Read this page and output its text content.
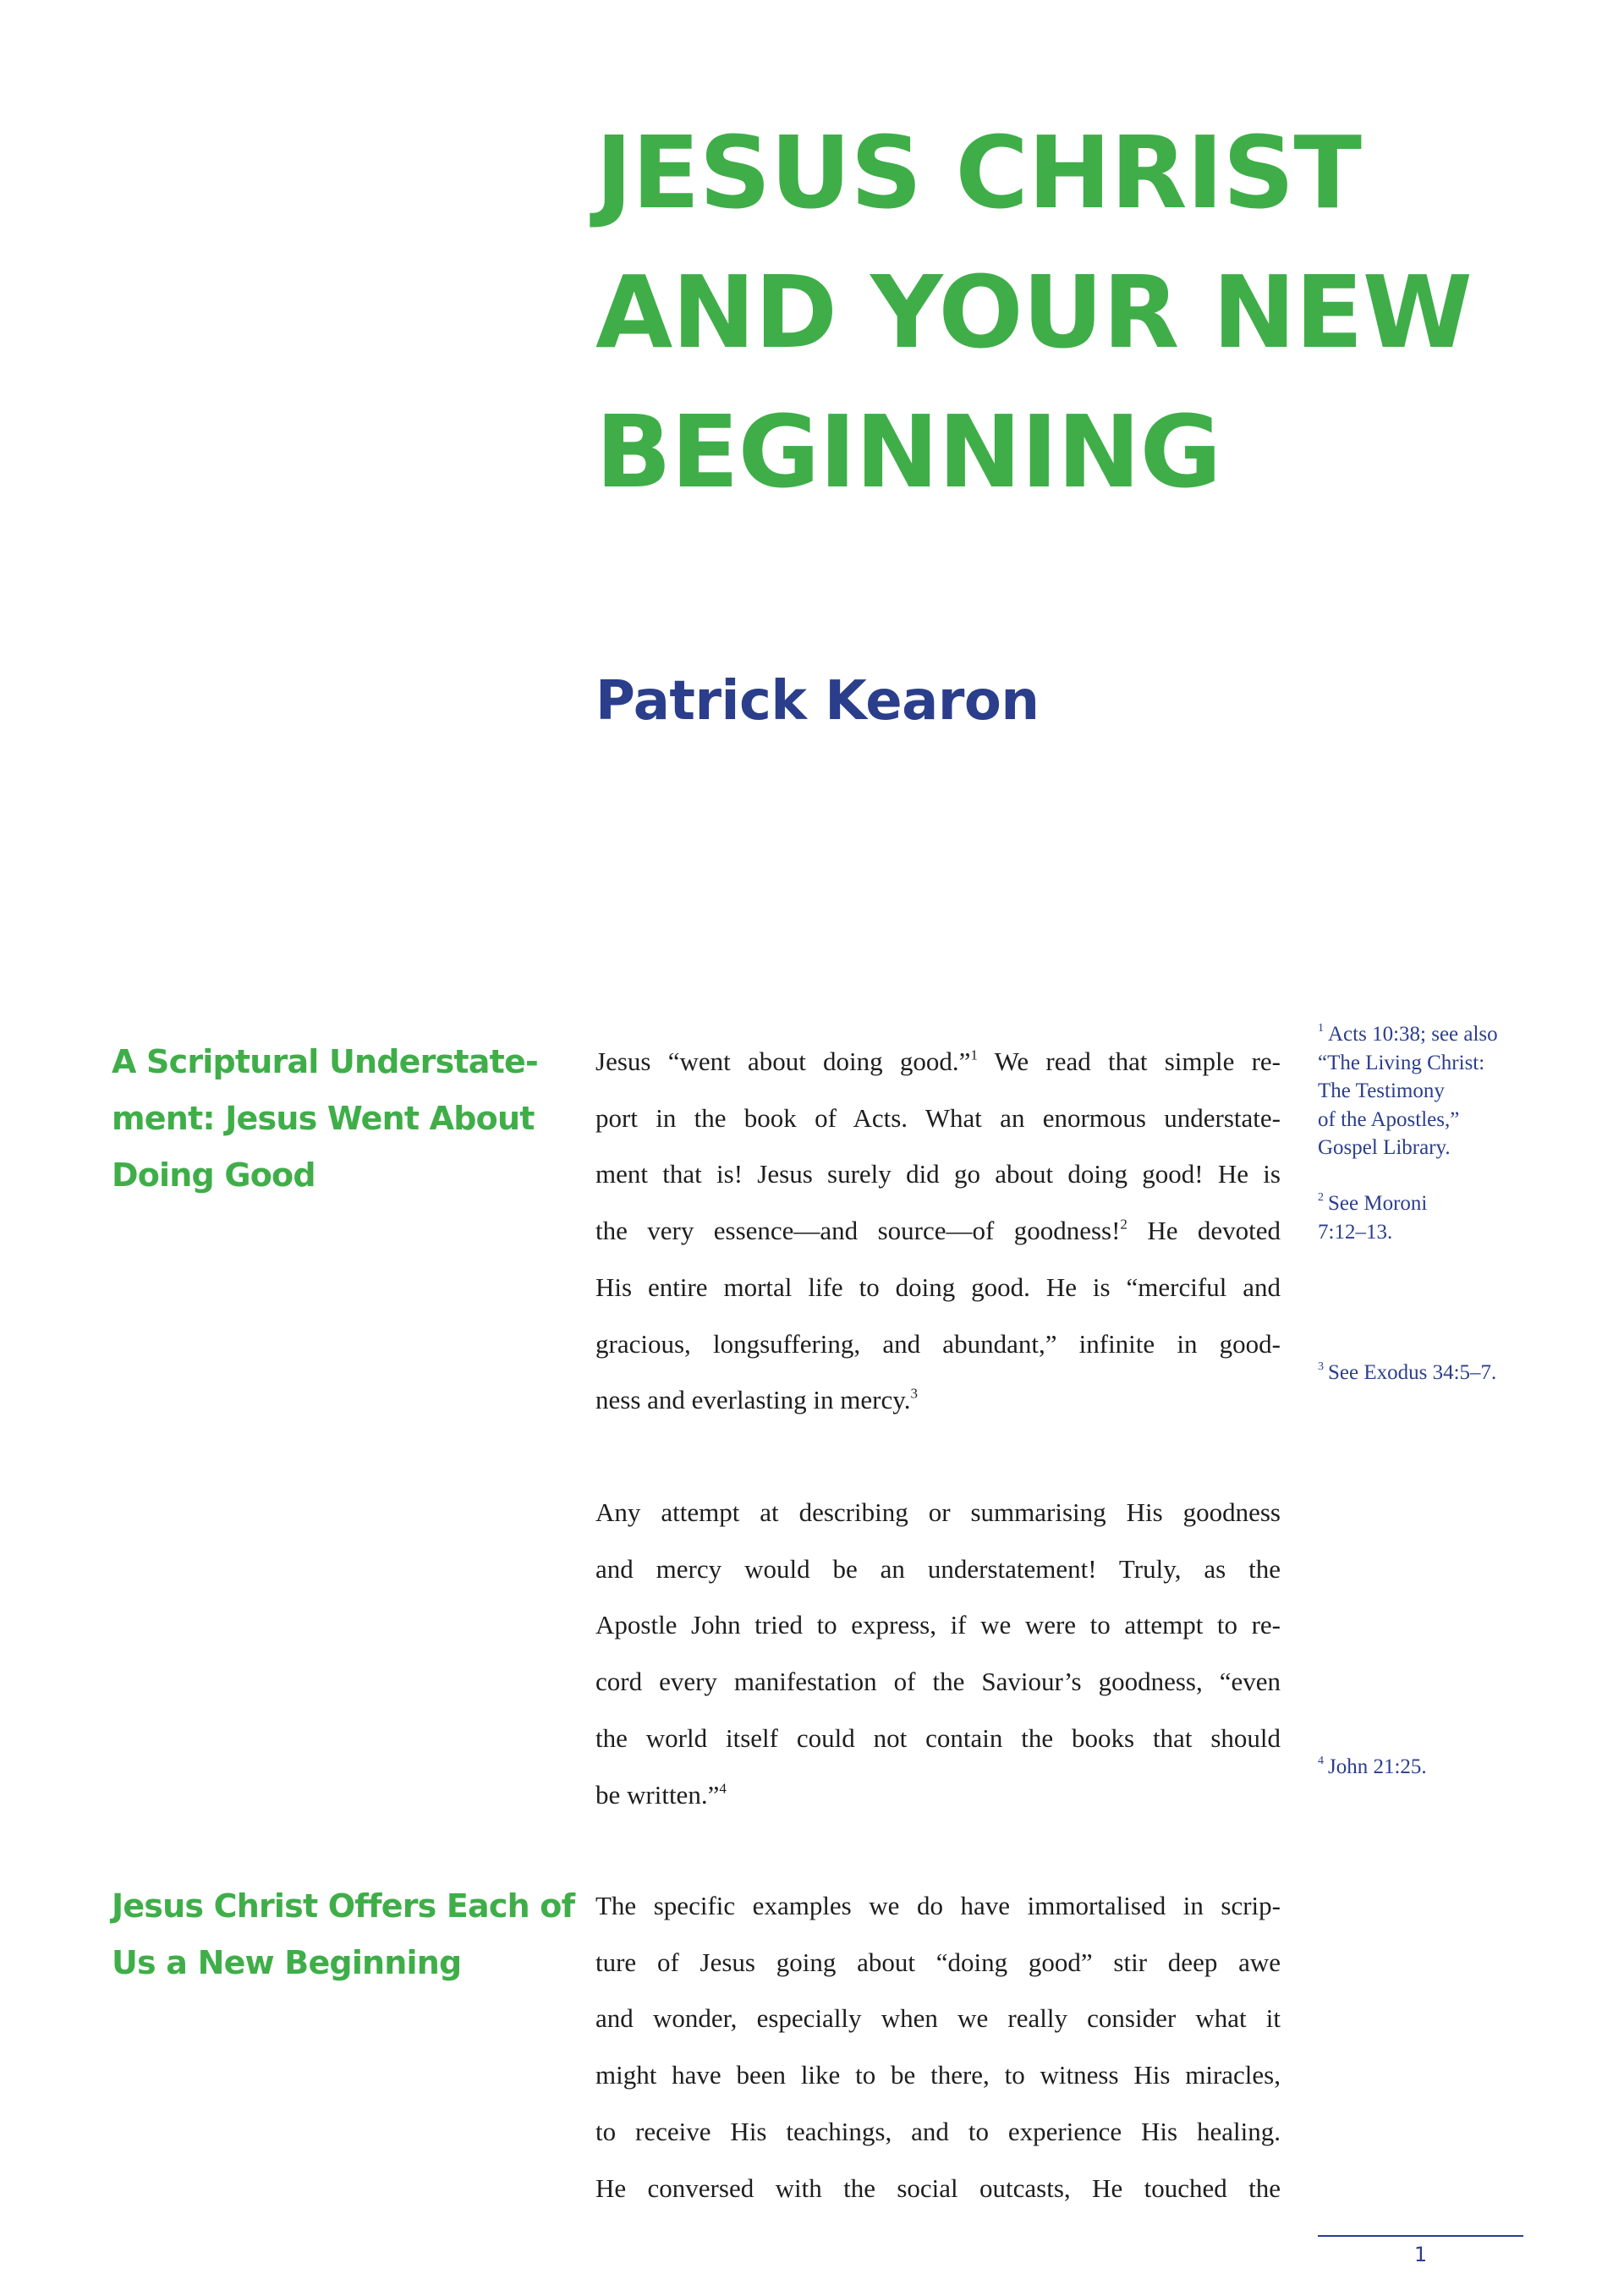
JESUS CHRIST
AND YOUR NEW
BEGINNING
Patrick Kearon
A Scriptural Understate-
ment: Jesus Went About
Doing Good
Jesus “went about doing good.”$^1$ We read that simple re-
port in the book of Acts. What an enormous understate-
ment that is! Jesus surely did go about doing good! He is
the very essence—and source—of goodness!$^2$ He devoted
His entire mortal life to doing good. He is “merciful and
gracious, longsuffering, and abundant,” infinite in good-
ness and everlasting in mercy.$^3$
Any attempt at describing or summarising His goodness
and mercy would be an understatement! Truly, as the
Apostle John tried to express, if we were to attempt to re-
cord every manifestation of the Saviour’s goodness, “even
the world itself could not contain the books that should
be written.”$^4$
Jesus Christ Offers Each of
Us a New Beginning
The specific examples we do have immortalised in scrip-
ture of Jesus going about “doing good” stir deep awe
and wonder, especially when we really consider what it
might have been like to be there, to witness His miracles,
to receive His teachings, and to experience His healing.
He conversed with the social outcasts, He touched the
$^1$ Acts 10:38; see also
“The Living Christ:
The Testimony
of the Apostles,”
Gospel Library.
$^2$ See Moroni
7:12–13.
$^3$ See Exodus 34:5–7.
$^4$ John 21:25.
1
